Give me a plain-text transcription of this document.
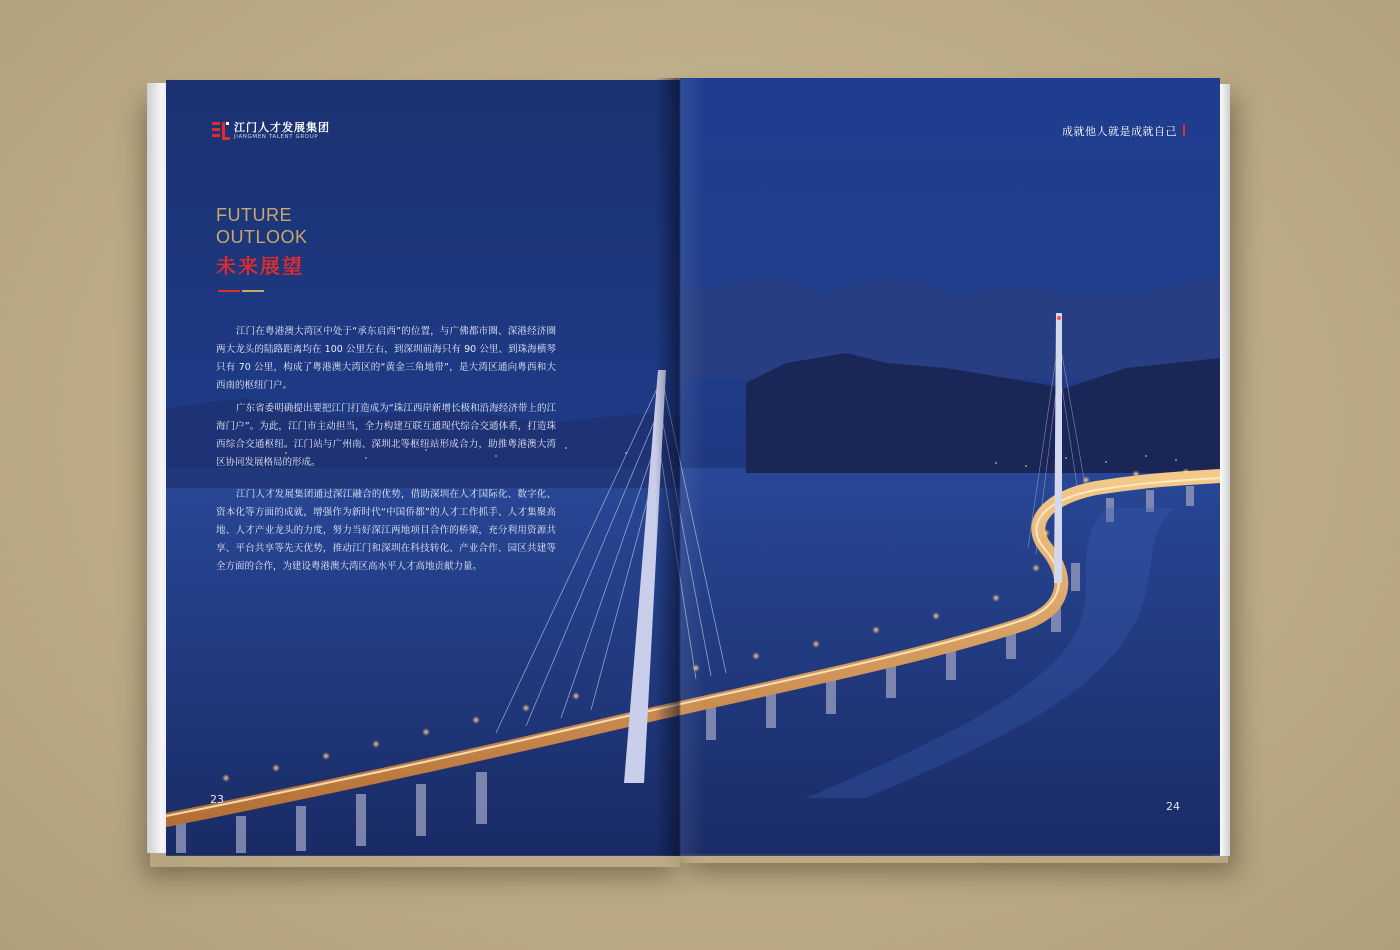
江门人才发展集团
JIANGMEN TALENT GROUP
FUTURE
OUTLOOK
未来展望

江门在粤港澳大湾区中处于“承东启西”的位置，与广佛都市圈、深港经济圈两大龙头的陆路距离均在 100 公里左右，到深圳前海只有 90 公里、到珠海横琴只有 70 公里，构成了粤港澳大湾区的“黄金三角地带”，是大湾区通向粤西和大西南的枢纽门户。

广东省委明确提出要把江门打造成为“珠江西岸新增长极和沿海经济带上的江海门户”。为此，江门市主动担当，全力构建互联互通现代综合交通体系，打造珠西综合交通枢纽。江门站与广州南、深圳北等枢纽站形成合力，助推粤港澳大湾区协同发展格局的形成。

江门人才发展集团通过深江融合的优势，借助深圳在人才国际化、数字化、资本化等方面的成就，增强作为新时代“中国侨都”的人才工作抓手、人才集聚高地、人才产业龙头的力度，努力当好深江两地项目合作的桥梁，充分利用资源共享、平台共享等先天优势，推动江门和深圳在科技转化、产业合作、园区共建等全方面的合作，为建设粤港澳大湾区高水平人才高地贡献力量。

23
成就他人就是成就自己
24
